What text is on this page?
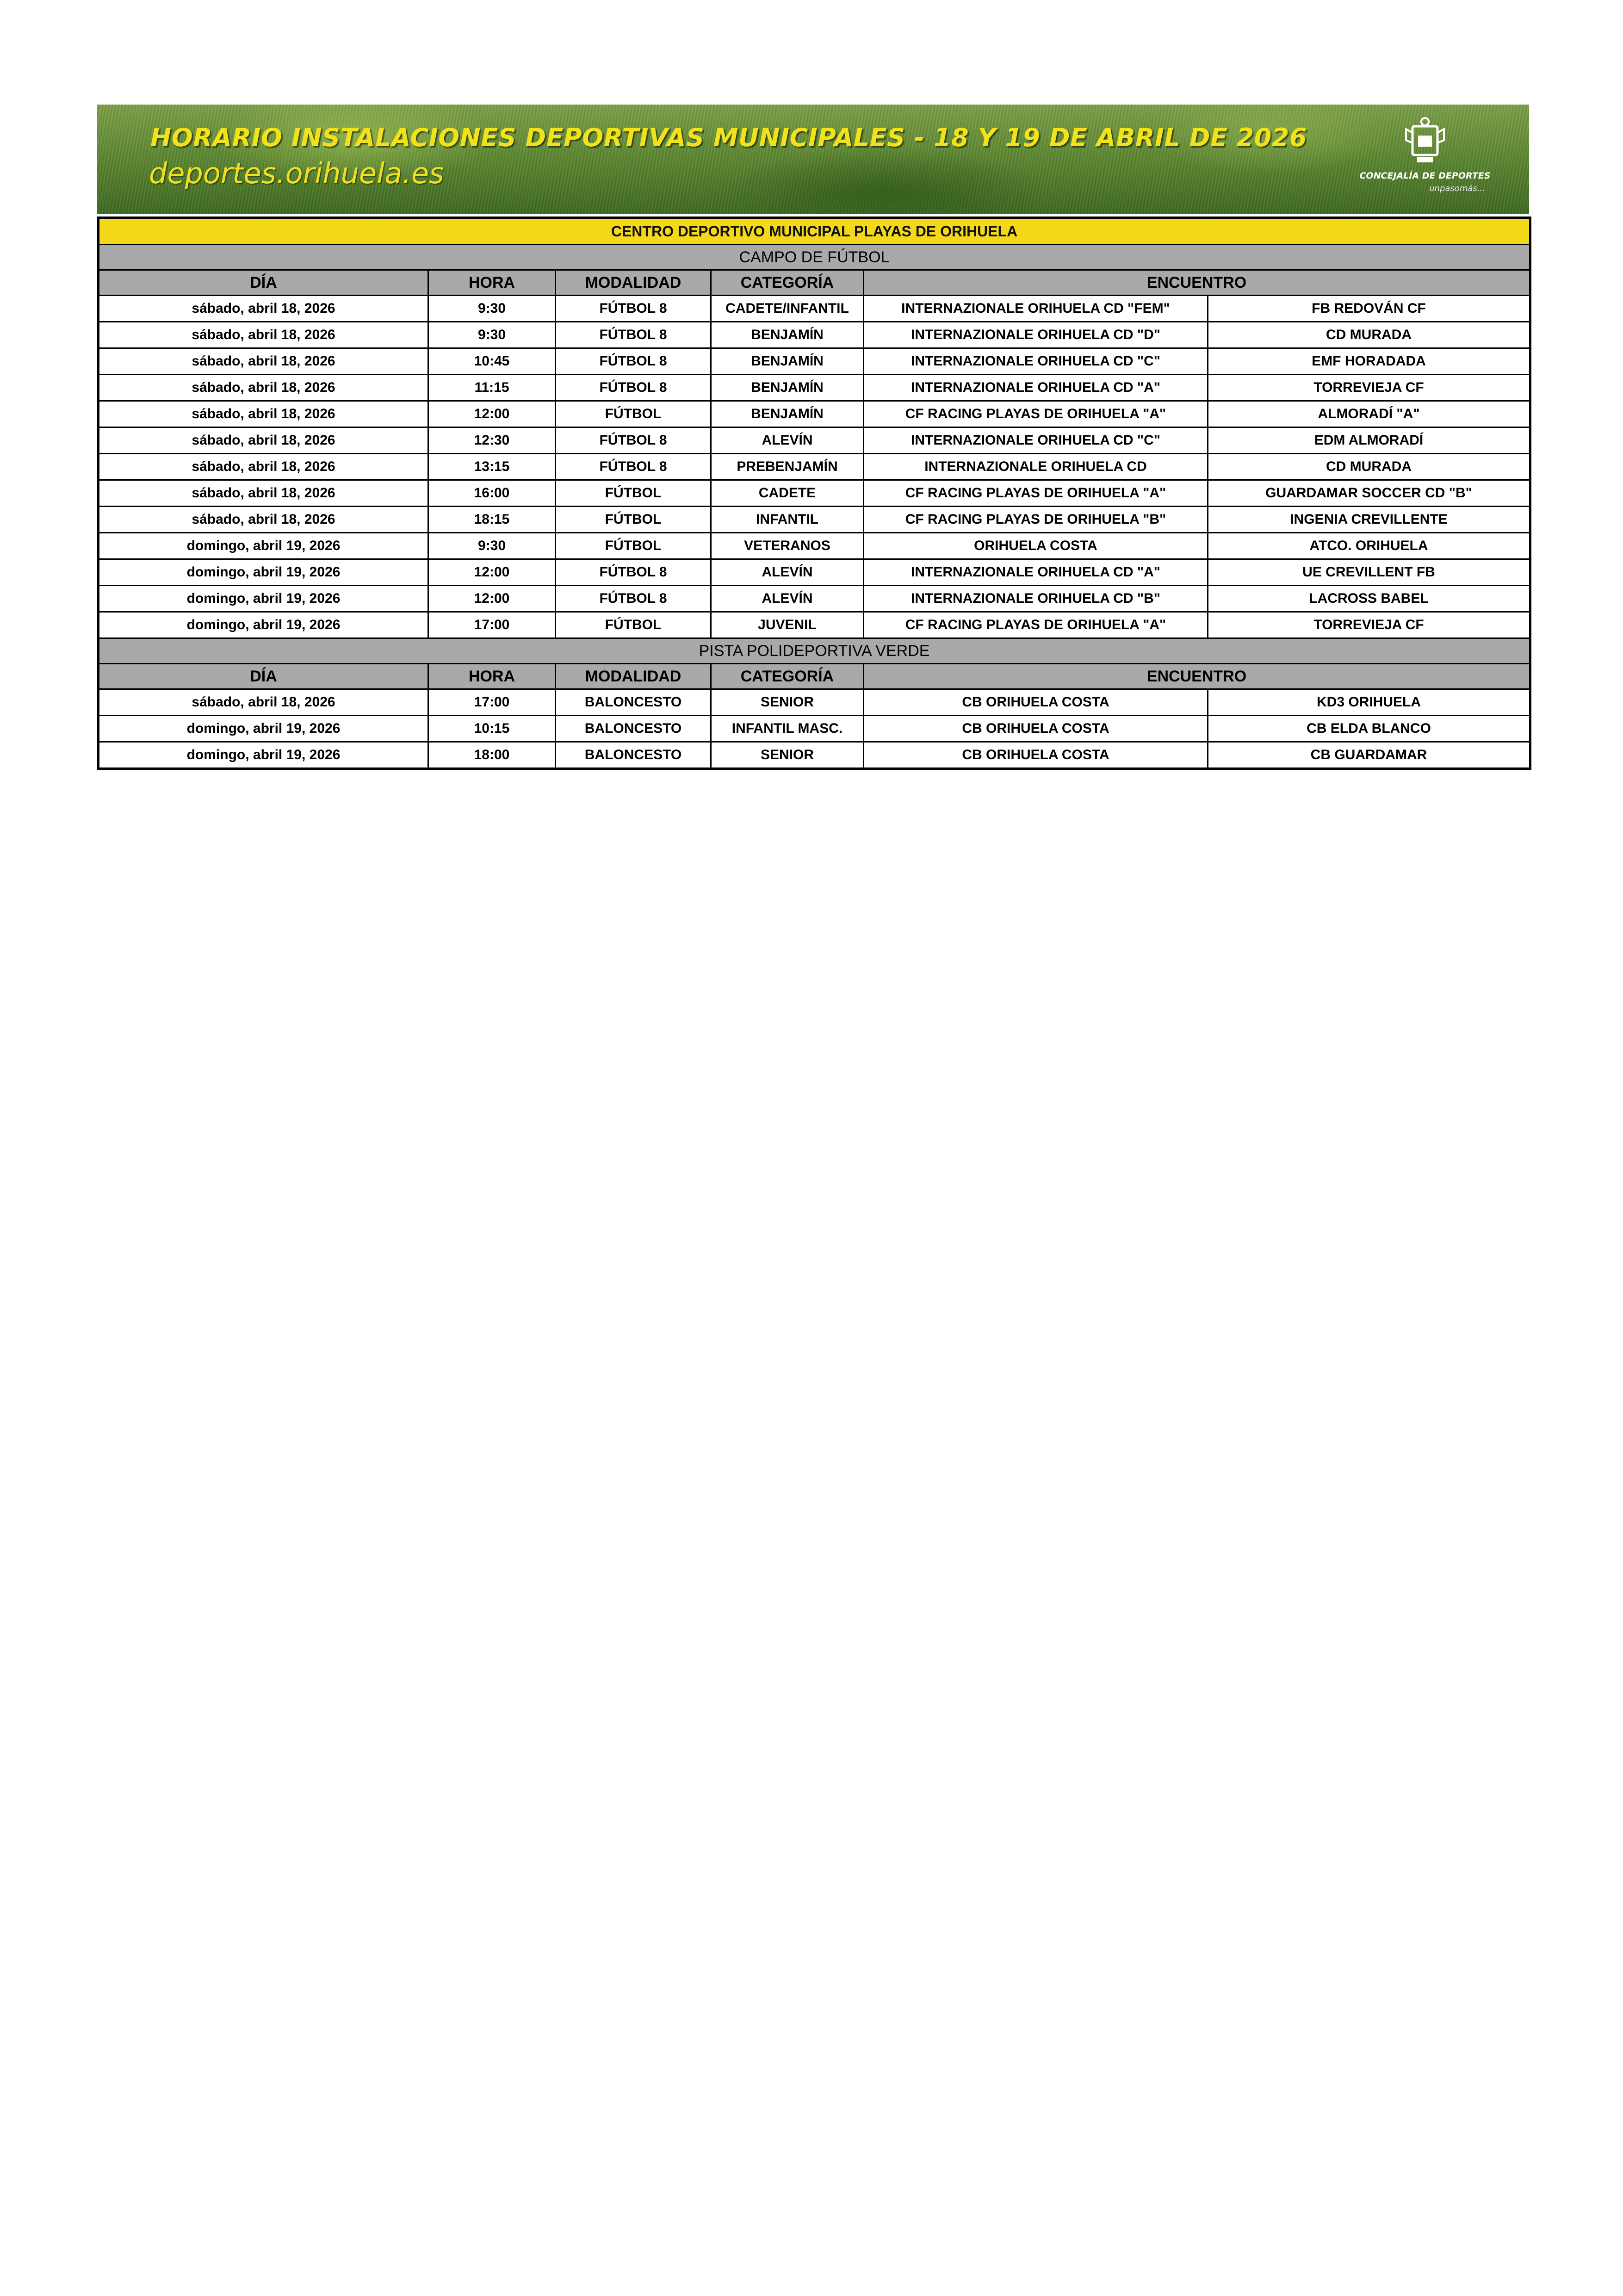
HORARIO INSTALACIONES DEPORTIVAS MUNICIPALES - 18 Y 19 DE ABRIL DE 2026
deportes.orihuela.es	CONCEJALÍA DE DEPORTES
unpasomás...
CENTRO DEPORTIVO MUNICIPAL PLAYAS DE ORIHUELA					
CAMPO DE FÚTBOL					
DÍA	HORA	MODALIDAD	CATEGORÍA	ENCUENTRO	
sábado, abril 18, 2026	9:30	FÚTBOL 8	CADETE/INFANTIL	INTERNAZIONALE ORIHUELA CD "FEM"	FB REDOVÁN CF
sábado, abril 18, 2026	9:30	FÚTBOL 8	BENJAMÍN	INTERNAZIONALE ORIHUELA CD "D"	CD MURADA
sábado, abril 18, 2026	10:45	FÚTBOL 8	BENJAMÍN	INTERNAZIONALE ORIHUELA CD "C"	EMF HORADADA
sábado, abril 18, 2026	11:15	FÚTBOL 8	BENJAMÍN	INTERNAZIONALE ORIHUELA CD "A"	TORREVIEJA CF
sábado, abril 18, 2026	12:00	FÚTBOL	BENJAMÍN	CF RACING PLAYAS DE ORIHUELA "A"	ALMORADÍ "A"
sábado, abril 18, 2026	12:30	FÚTBOL 8	ALEVÍN	INTERNAZIONALE ORIHUELA CD "C"	EDM ALMORADÍ
sábado, abril 18, 2026	13:15	FÚTBOL 8	PREBENJAMÍN	INTERNAZIONALE ORIHUELA CD	CD MURADA
sábado, abril 18, 2026	16:00	FÚTBOL	CADETE	CF RACING PLAYAS DE ORIHUELA "A"	GUARDAMAR SOCCER CD "B"
sábado, abril 18, 2026	18:15	FÚTBOL	INFANTIL	CF RACING PLAYAS DE ORIHUELA "B"	INGENIA CREVILLENTE
domingo, abril 19, 2026	9:30	FÚTBOL	VETERANOS	ORIHUELA COSTA	ATCO. ORIHUELA
domingo, abril 19, 2026	12:00	FÚTBOL 8	ALEVÍN	INTERNAZIONALE ORIHUELA CD "A"	UE CREVILLENT FB
domingo, abril 19, 2026	12:00	FÚTBOL 8	ALEVÍN	INTERNAZIONALE ORIHUELA CD "B"	LACROSS BABEL
domingo, abril 19, 2026	17:00	FÚTBOL	JUVENIL	CF RACING PLAYAS DE ORIHUELA "A"	TORREVIEJA CF
PISTA POLIDEPORTIVA VERDE					
DÍA	HORA	MODALIDAD	CATEGORÍA	ENCUENTRO	
sábado, abril 18, 2026	17:00	BALONCESTO	SENIOR	CB ORIHUELA COSTA	KD3 ORIHUELA
domingo, abril 19, 2026	10:15	BALONCESTO	INFANTIL MASC.	CB ORIHUELA COSTA	CB ELDA BLANCO
domingo, abril 19, 2026	18:00	BALONCESTO	SENIOR	CB ORIHUELA COSTA	CB GUARDAMAR
